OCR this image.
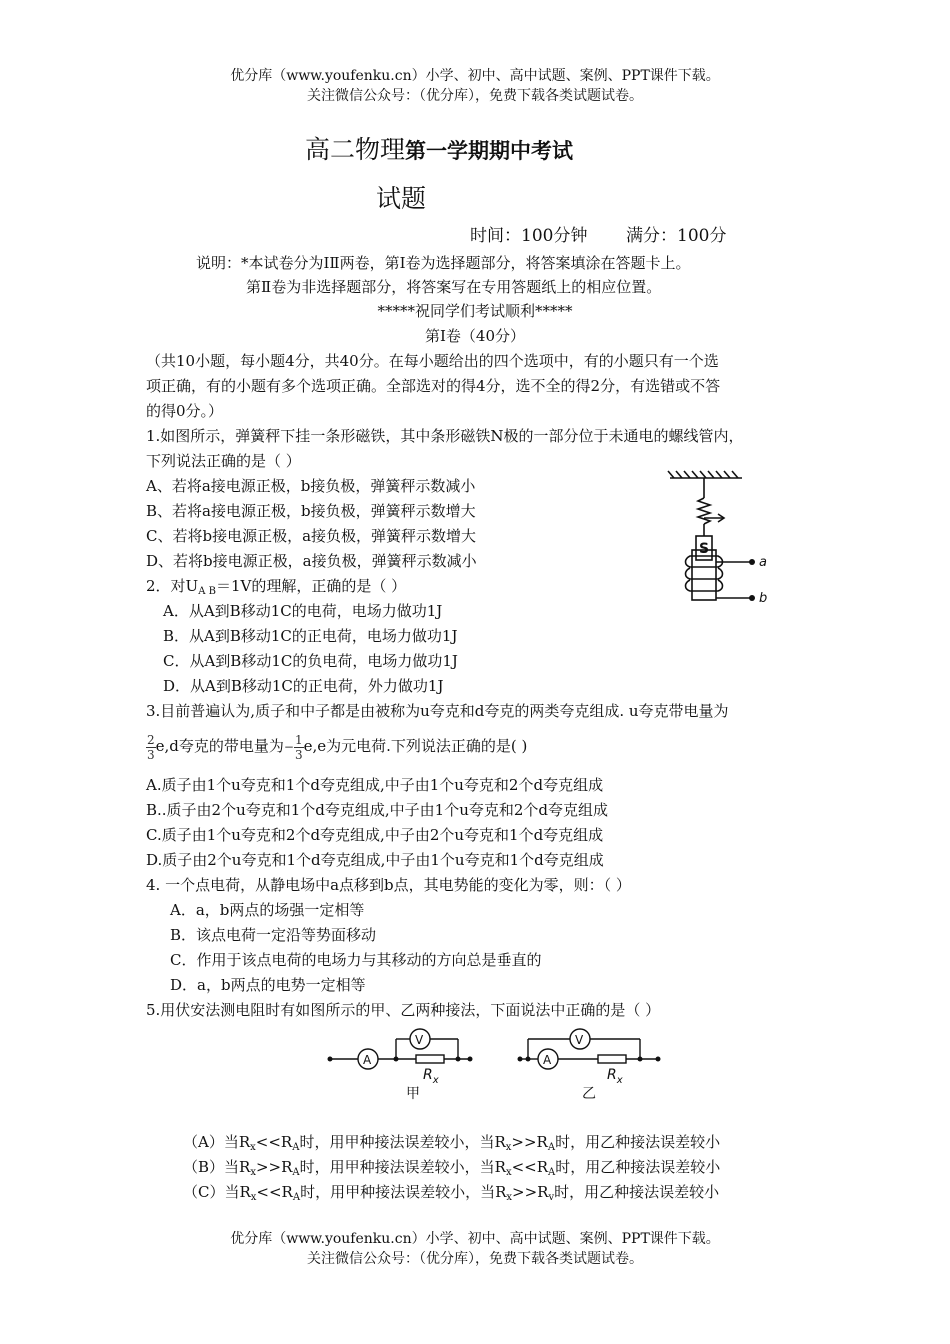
优分库（www.youfenku.cn）小学、初中、高中试题、案例、PPT课件下载。
关注微信公众号：（优分库），免费下载各类试题试卷。
高二物理第一学期期中考试
试题
时间：100分钟 满分：100分
说明：*本试卷分为ⅠⅡ两卷，第Ⅰ卷为选择题部分，将答案填涂在答题卡上。
第Ⅱ卷为非选择题部分，将答案写在专用答题纸上的相应位置。
*****祝同学们考试顺利*****
第Ⅰ卷（40分）
（共10小题，每小题4分，共40分。在每小题给出的四个选项中，有的小题只有一个选
项正确，有的小题有多个选项正确。全部选对的得4分，选不全的得2分，有选错或不答
的得0分。）
1.如图所示，弹簧秤下挂一条形磁铁，其中条形磁铁N极的一部分位于未通电的螺线管内，
下列说法正确的是（ ）
A、若将a接电源正极，b接负极，弹簧秤示数减小
B、若将a接电源正极，b接负极，弹簧秤示数增大
C、若将b接电源正极，a接负极，弹簧秤示数增大
D、若将b接电源正极，a接负极，弹簧秤示数减小
S
a
b
2．对$U_{A B}=1V$的理解，正确的是（ ）
A．从A到B移动1C的电荷，电场力做功1J
B．从A到B移动1C的正电荷，电场力做功1J
C．从A到B移动1C的负电荷，电场力做功1J
D．从A到B移动1C的正电荷，外力做功1J
3.目前普遍认为,质子和中子都是由被称为u夸克和d夸克的两类夸克组成. u夸克带电量为
$\frac{2}{3} e,d$夸克的带电量为− $\frac{1}{3} e,e$为元电荷.下列说法正确的是( )
A.质子由1个u夸克和1个d夸克组成,中子由1个u夸克和2个d夸克组成
B..质子由2个u夸克和1个d夸克组成,中子由1个u夸克和2个d夸克组成
C.质子由1个u夸克和2个d夸克组成,中子由2个u夸克和1个d夸克组成
D.质子由2个u夸克和1个d夸克组成,中子由1个u夸克和1个d夸克组成
4. 一个点电荷，从静电场中a点移到b点，其电势能的变化为零，则：（ ）
A．a，b两点的场强一定相等
B．该点电荷一定沿等势面移动
C．作用于该点电荷的电场力与其移动的方向总是垂直的
D．a，b两点的电势一定相等
5.用伏安法测电阻时有如图所示的甲、乙两种接法，下面说法中正确的是（ ）
A
V
$R_x$
A
V
$R_x$
甲	乙
（A）当$R_x<<R_A$时，用甲种接法误差较小，当$R_x>>R_A$时，用乙种接法误差较小
（B）当$R_x>>R_A$时，用甲种接法误差较小，当$R_x<<R_A$时，用乙种接法误差较小
（C）当$R_x<<R_A$时，用甲种接法误差较小，当$R_x>>R_v$时，用乙种接法误差较小
优分库（www.youfenku.cn）小学、初中、高中试题、案例、PPT课件下载。
关注微信公众号：（优分库），免费下载各类试题试卷。
